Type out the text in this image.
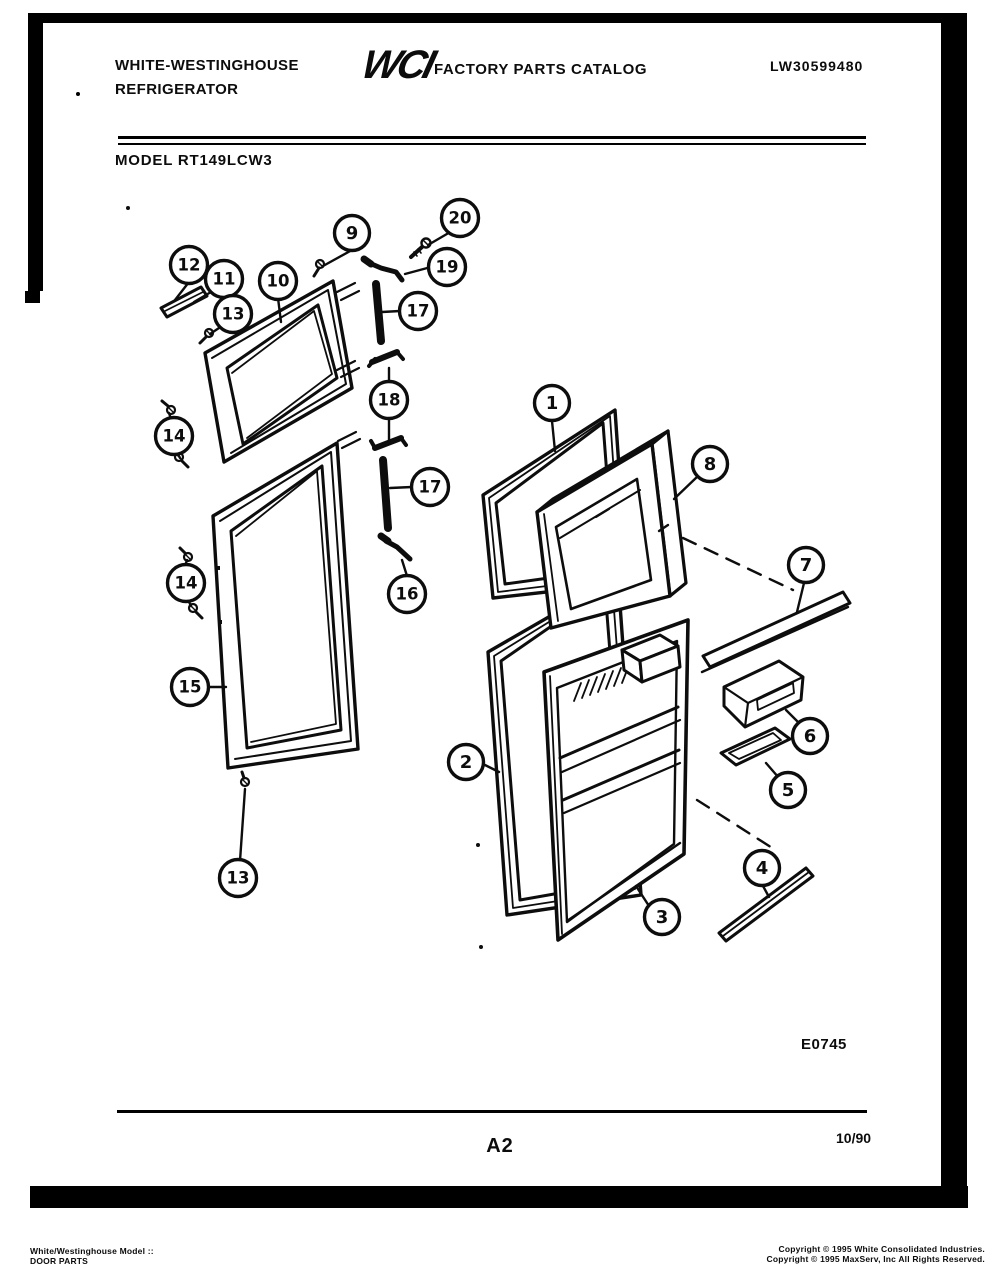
WHITE-WESTINGHOUSE
REFRIGERATOR
WCI
FACTORY PARTS CATALOG	LW30599480
MODEL RT149LCW3
1
2
3
4
5
6
7
8
9
10
11
12
13
13
14
14
15
16
17
17
18
19
20
E0745
A2	10/90
White/Westinghouse Model ::
DOOR PARTS
Copyright © 1995 White Consolidated Industries.
Copyright © 1995 MaxServ, Inc All Rights Reserved.
